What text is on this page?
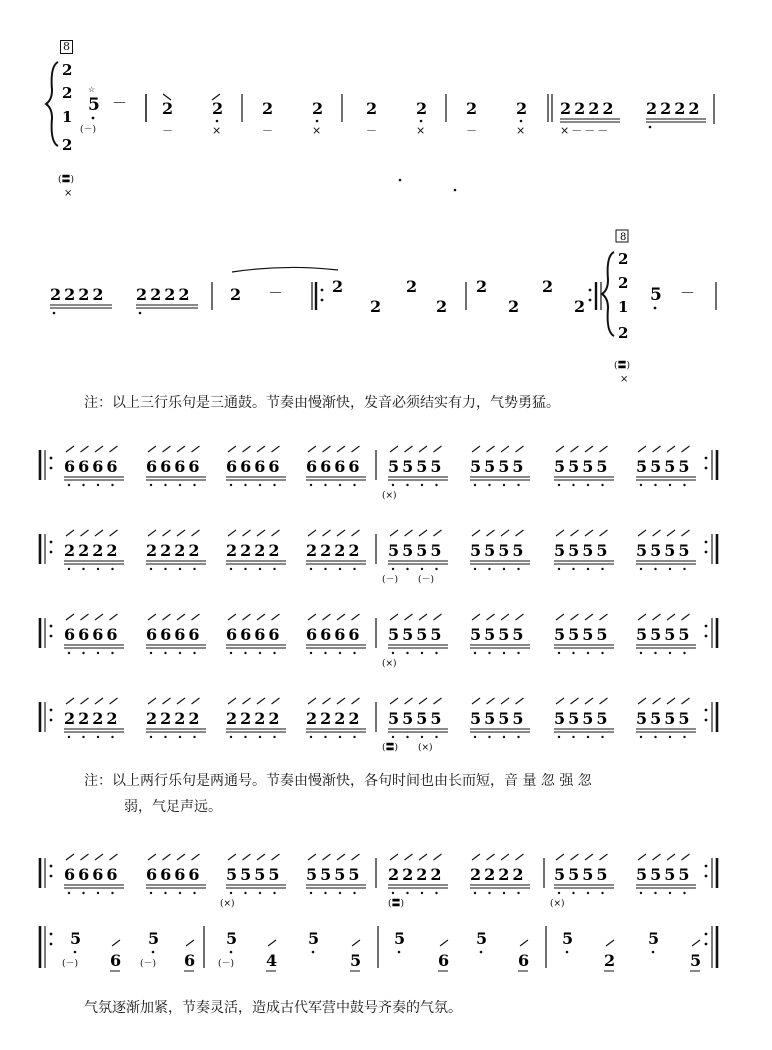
8
2
2
1
2
(〓)
×
5
☆
(－)
－ 2 2
－	×
2 2
－	×
2 2
－	×
2 2
－	×
2222
×－－－
2222
2222 2222 2 －	2
2
2
2
2
2
2
2
8
2
2
1
2
(〓)
×
5 －
6666 6666 6666 6666 5555 5555 5555 5555
(×)
2222 2222 2222 2222 5555 5555 5555 5555
(－) (－)
6666 6666 6666 6666 5555 5555 5555 5555
(×)
2222 2222 2222 2222 5555 5555 5555 5555
(〓) (×)
6666 6666 5555 5555 2222 2222 5555 5555
(×)	(〓)	(×)
5
6
5
6
5
4
5
5
5
6
5
6
5
2
5
5
(－)	(－)	(－)
注：以上三行乐句是三通鼓。节奏由慢渐快，发音必须结实有力，气势勇猛。
注：以上两行乐句是两通号。节奏由慢渐快，各句时间也由长而短，音 量 忽 强 忽
弱，气足声远。
气氛逐渐加紧，节奏灵活，造成古代军营中鼓号齐奏的气氛。
